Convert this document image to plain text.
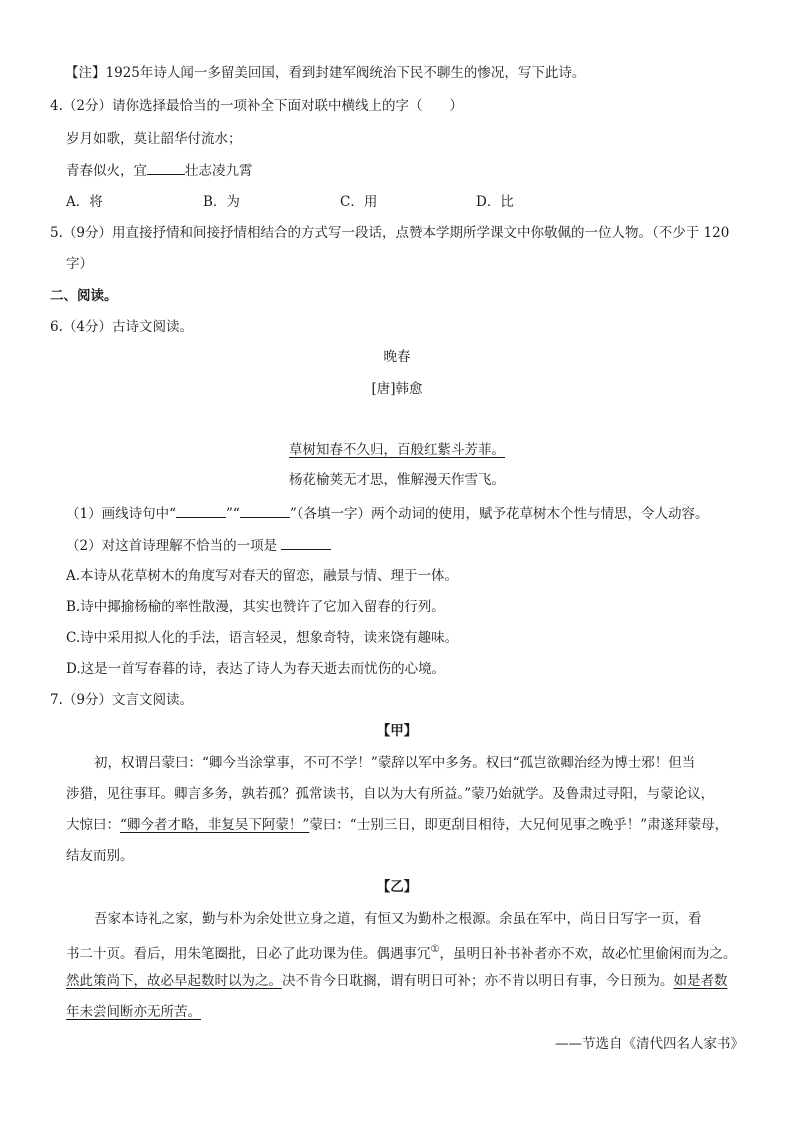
【注】1925年诗人闻一多留美回国，看到封建军阀统治下民不聊生的惨况，写下此诗。
4.（2分）请你选择最恰当的一项补全下面对联中横线上的字（　　）
岁月如歌，莫让韶华付流水；
青春似火，宜	壮志凌九霄
A．将	B．为	C．用	D．比
5.（9分）用直接抒情和间接抒情相结合的方式写一段话，点赞本学期所学课文中你敬佩的一位人物。（不少于 120
字）
二、阅读。
6.（4分）古诗文阅读。
晚春
[唐]韩愈
草树知春不久归，百般红紫斗芳菲。
杨花榆荚无才思，惟解漫天作雪飞。
（1）画线诗句中“	”“	”（各填一字）两个动词的使用，赋予花草树木个性与情思，令人动容。
（2）对这首诗理解不恰当的一项是
A.本诗从花草树木的角度写对春天的留恋，融景与情、理于一体。
B.诗中揶揄杨榆的率性散漫，其实也赞许了它加入留春的行列。
C.诗中采用拟人化的手法，语言轻灵，想象奇特，读来饶有趣味。
D.这是一首写春暮的诗，表达了诗人为春天逝去而忧伤的心境。
7.（9分）文言文阅读。
【甲】
初，权谓吕蒙曰：“卿今当涂掌事，不可不学！”蒙辞以军中多务。权曰“孤岂欲卿治经为博士邪！但当
涉猎，见往事耳。卿言多务，孰若孤？孤常读书，自以为大有所益。”蒙乃始就学。及鲁肃过寻阳，与蒙论议，
大惊曰：“卿今者才略，非复吴下阿蒙！”蒙曰：“士别三日，即更刮目相待，大兄何见事之晚乎！”肃遂拜蒙母，
结友而别。
【乙】
吾家本诗礼之家，勤与朴为余处世立身之道，有恒又为勤朴之根源。余虽在军中，尚日日写字一页，看
书二十页。看后，用朱笔圈批，日必了此功课为佳。偶遇事冗①，虽明日补书补者亦不欢，故必忙里偷闲而为之。
然此策尚下，故必早起数时以为之。决不肯今日耽搁，谓有明日可补；亦不肯以明日有事，今日预为。如是者数
年未尝间断亦无所苦。
——节选自《清代四名人家书》
